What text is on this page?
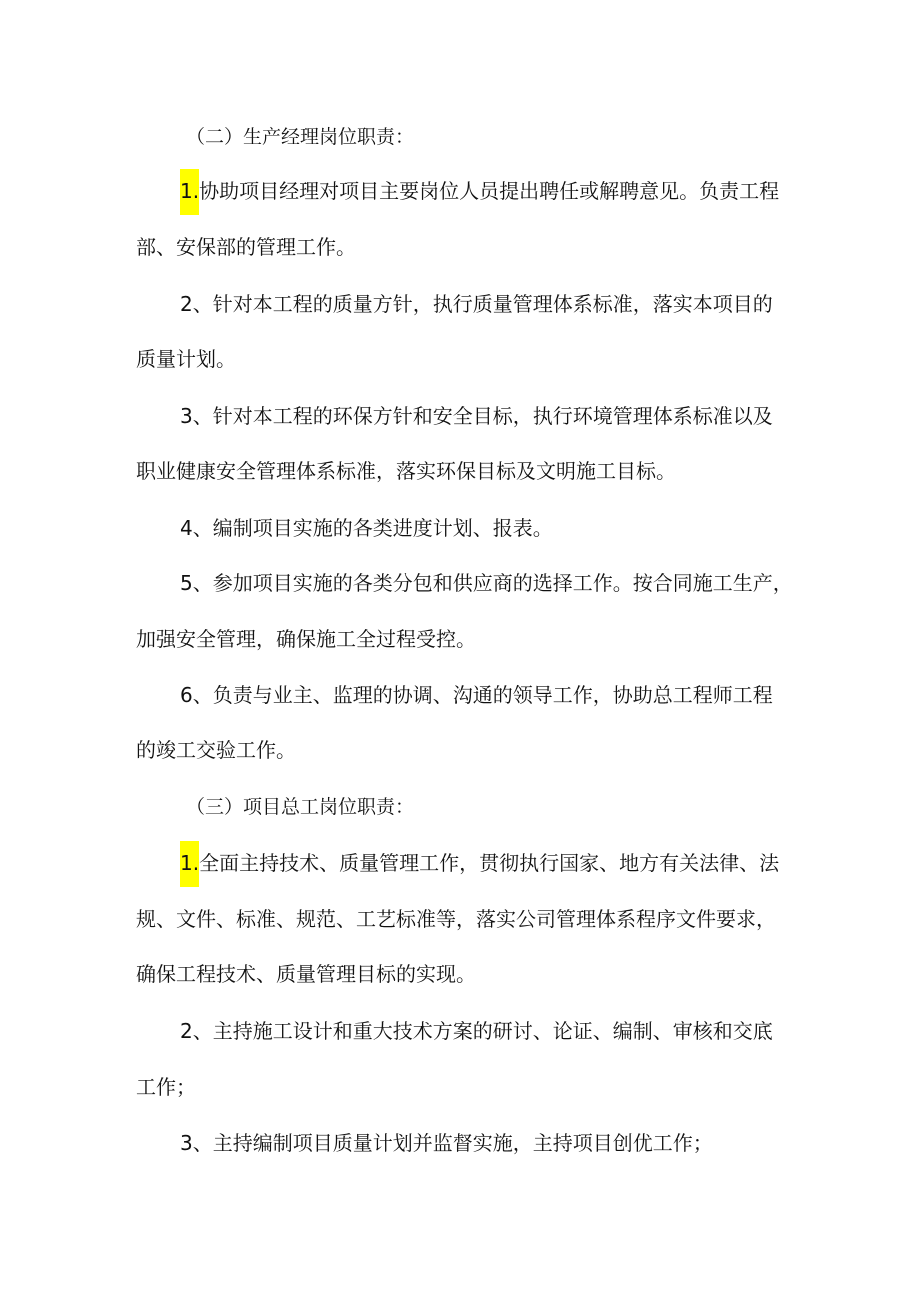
（二）生产经理岗位职责：
1.协助项目经理对项目主要岗位人员提出聘任或解聘意见。负责工程
部、安保部的管理工作。
2、针对本工程的质量方针，执行质量管理体系标准，落实本项目的
质量计划。
3、针对本工程的环保方针和安全目标，执行环境管理体系标准以及
职业健康安全管理体系标准，落实环保目标及文明施工目标。
4、编制项目实施的各类进度计划、报表。
5、参加项目实施的各类分包和供应商的选择工作。按合同施工生产，
加强安全管理，确保施工全过程受控。
6、负责与业主、监理的协调、沟通的领导工作，协助总工程师工程
的竣工交验工作。
（三）项目总工岗位职责：
1.全面主持技术、质量管理工作，贯彻执行国家、地方有关法律、法
规、文件、标准、规范、工艺标准等，落实公司管理体系程序文件要求，
确保工程技术、质量管理目标的实现。
2、主持施工设计和重大技术方案的研讨、论证、编制、审核和交底
工作；
3、主持编制项目质量计划并监督实施，主持项目创优工作；
